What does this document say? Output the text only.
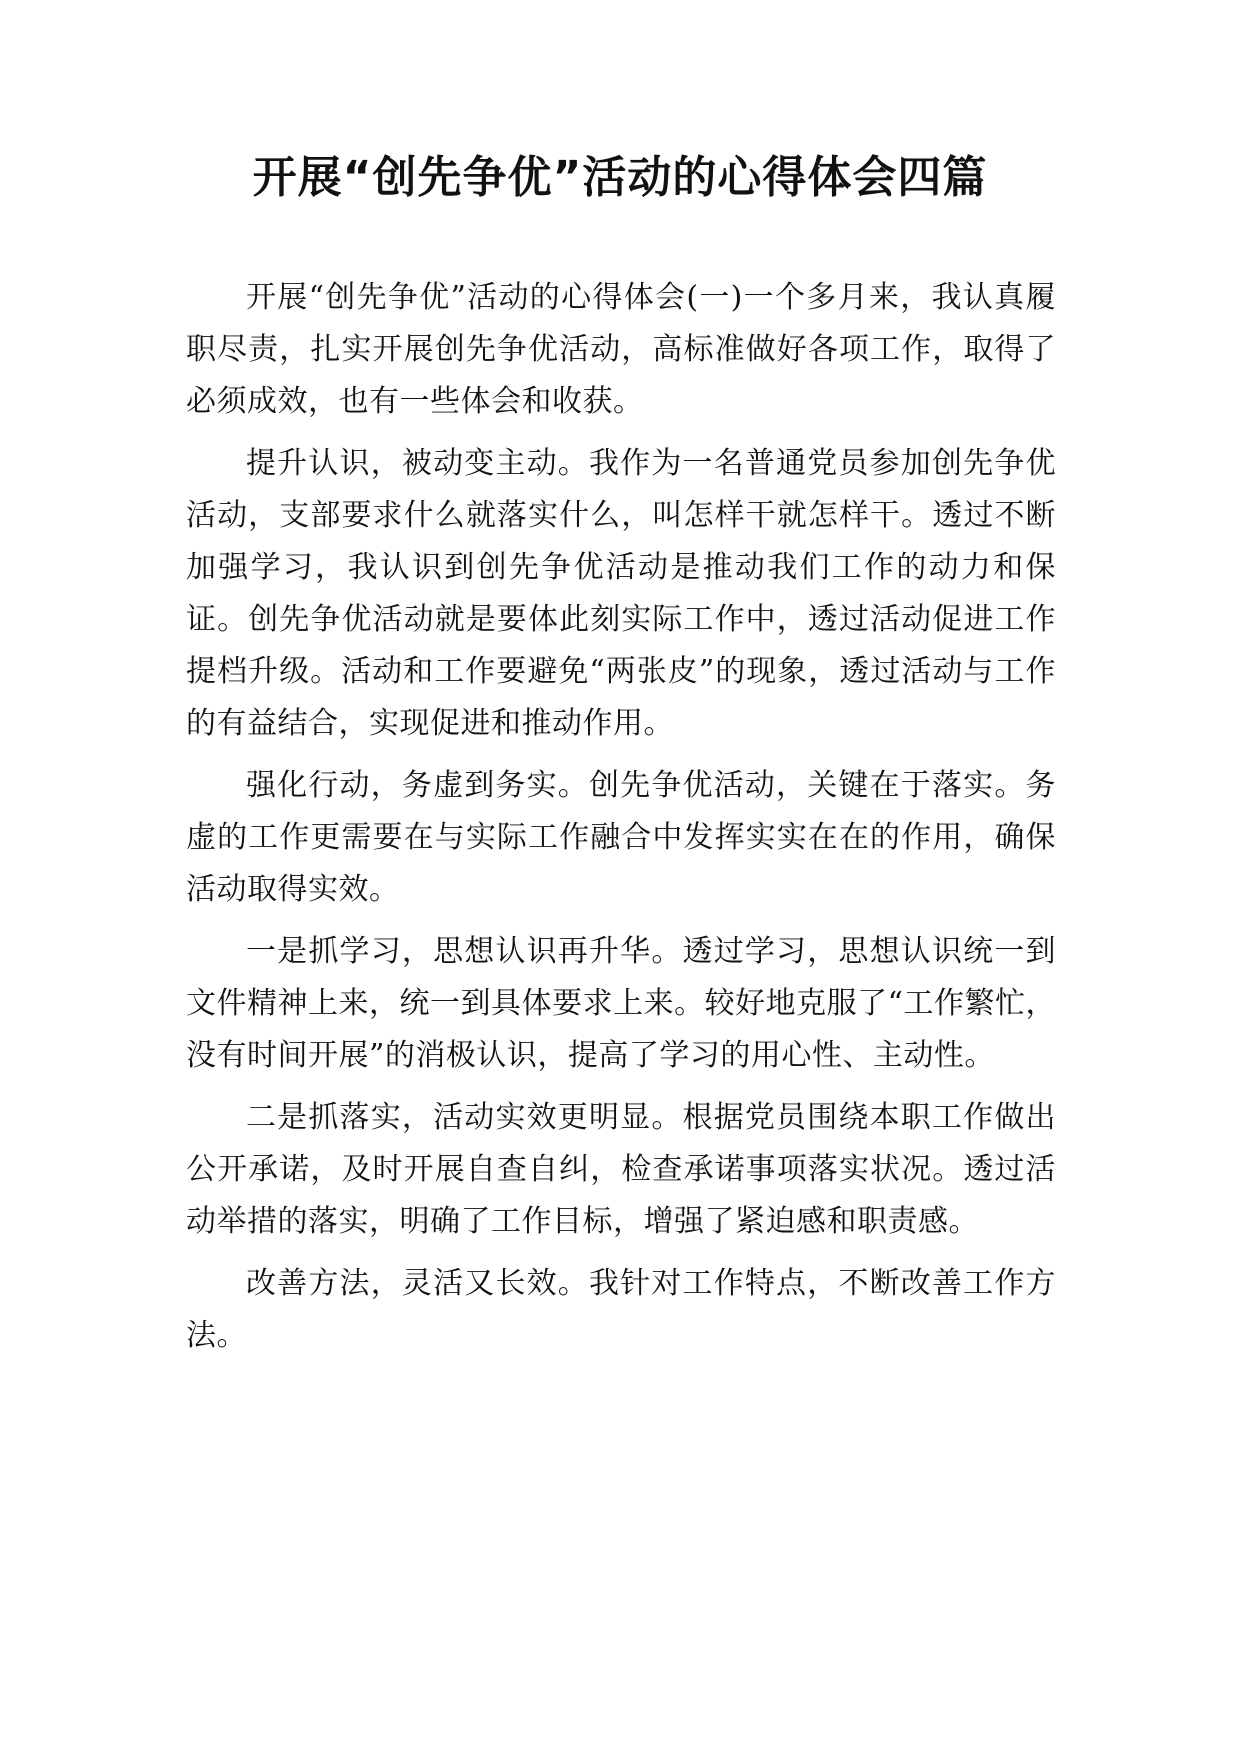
开展“创先争优”活动的心得体会四篇

开展“创先争优”活动的心得体会(一)一个多月来，我认真履职尽责，扎实开展创先争优活动，高标准做好各项工作，取得了必须成效，也有一些体会和收获。

提升认识，被动变主动。我作为一名普通党员参加创先争优活动，支部要求什么就落实什么，叫怎样干就怎样干。透过不断加强学习，我认识到创先争优活动是推动我们工作的动力和保证。创先争优活动就是要体此刻实际工作中，透过活动促进工作提档升级。活动和工作要避免“两张皮”的现象，透过活动与工作的有益结合，实现促进和推动作用。

强化行动，务虚到务实。创先争优活动，关键在于落实。务虚的工作更需要在与实际工作融合中发挥实实在在的作用，确保活动取得实效。

一是抓学习，思想认识再升华。透过学习，思想认识统一到文件精神上来，统一到具体要求上来。较好地克服了“工作繁忙，没有时间开展”的消极认识，提高了学习的用心性、主动性。

二是抓落实，活动实效更明显。根据党员围绕本职工作做出公开承诺，及时开展自查自纠，检查承诺事项落实状况。透过活动举措的落实，明确了工作目标，增强了紧迫感和职责感。

改善方法，灵活又长效。我针对工作特点，不断改善工作方法。
